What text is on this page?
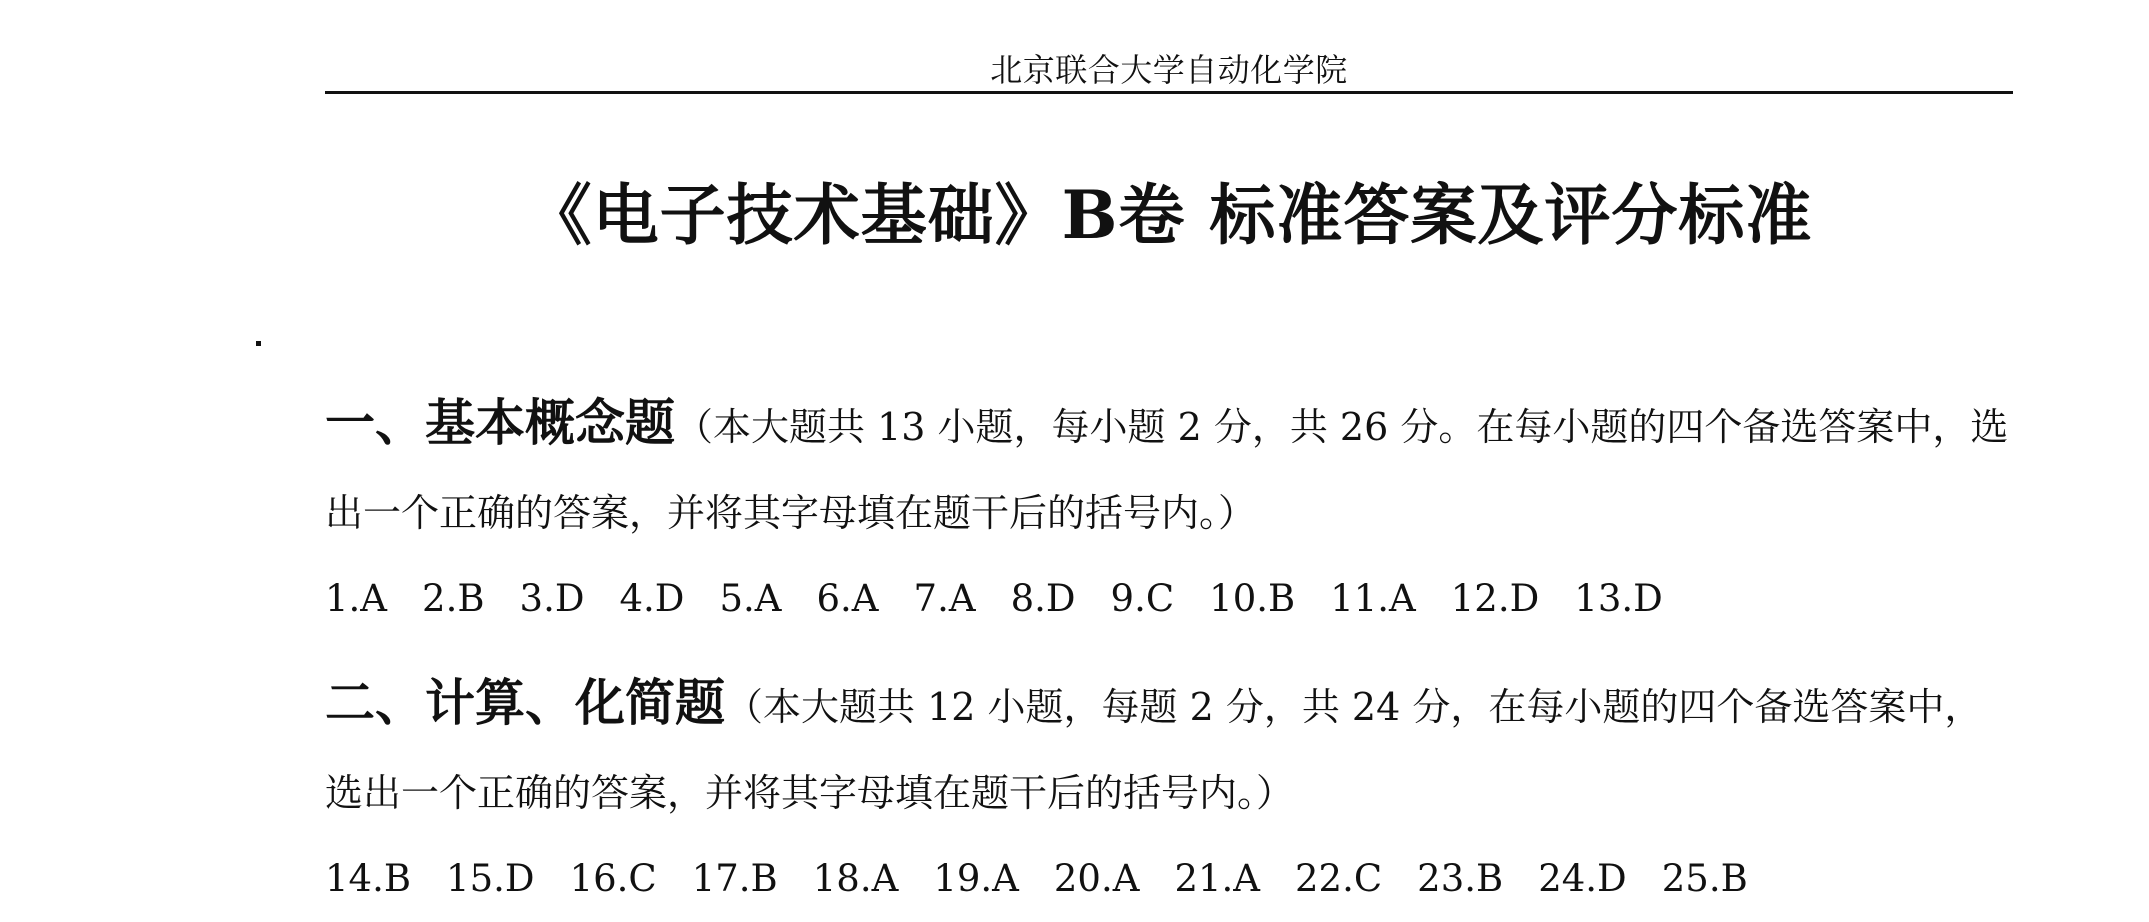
北京联合大学自动化学院
《电子技术基础》B卷 标准答案及评分标准

一、基本概念题（本大题共 13 小题，每小题 2 分，共 26 分。在每小题的四个备选答案中，选出一个正确的答案，并将其字母填在题干后的括号内。）

1.A 2.B 3.D 4.D 5.A 6.A 7.A 8.D 9.C 10.B 11.A 12.D 13.D

二、计算、化简题（本大题共 12 小题，每题 2 分，共 24 分，在每小题的四个备选答案中，选出一个正确的答案，并将其字母填在题干后的括号内。）

14.B 15.D 16.C 17.B 18.A 19.A 20.A 21.A 22.C 23.B 24.D 25.B
